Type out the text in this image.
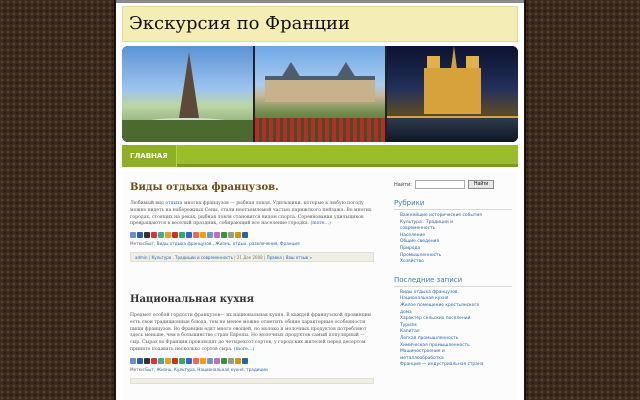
Экскурсия по Франции
ГЛАВНАЯ
Виды отдыха французов.
Любимый вид отдыха многих французов — рыбная ловля. Удильщики, которые в любую погоду можно видеть на набережных Сены, стали неотъемлемой частью парижского пейзажа. Во многих городах, стоящих на реках, рыбная ловля становится видом спорта. Соревнования удильщиков превращаются в веселый праздник, собирающий все население городка. (more…)
Метки:Быт, Виды отдыха французов., Жизнь, отдых, развлечения, Франция
admin | Культура . Традиции и современность | 21 Дек 2008 | Правка | Ваш отзыв »
Национальная кухня
Предмет особой гордости французов— их национальная кухня. В каждой французской провинции есть свои традиционные блюда, тем не менее можно отметить общие характерные особенности пищи французов. Во Франции едят много овощей, но молоко и молочных продуктов потребляют здесь меньше, чем в большинстве стран Европы. Но молочных продуктов самый популярный — сыр. Сырах во Франции производят до четырехсот сортов, у городских жителей перед десертом принято подавать несколько сортов сыра. (more…)
Метки:Быт, Жизнь, Культура, Национальная кухня, традиции
Найти:	Найти
Рубрики
Важнейшие исторические события
Культура . Традиции и
современность
Население
Общие сведения
Природа
Промышленность
Хозяйство
Последние записи
Виды отдыха французов.
Национальная кухня
Жилое помещение крестьянского
дома
Характер сельских поселений
Туризм
Капитал
Легкая промышленность
Химическая промышленность
Машиностроение и
металлообработка
Франция — индустриальная страна
